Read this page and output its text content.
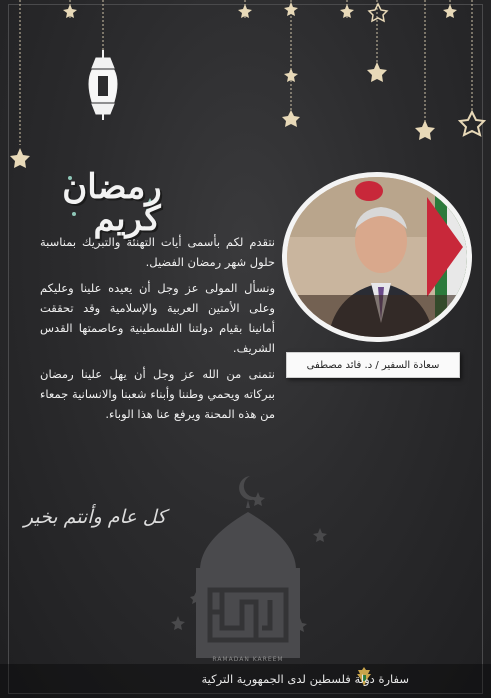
رمضان
كريم
سعادة السفير / د. فائد مصطفى

نتقدم لكم بأسمى أيات التهنئة والتبريك بمناسبة حلول شهر رمضان الفضيل.

ونسأل المولى عز وجل أن يعيده علينا وعليكم وعلى الأمتين العربية والإسلامية وقد تحققت أمانينا بقيام دولتنا الفلسطينية وعاصمتها القدس الشريف.

نتمنى من الله عز وجل أن يهل علينا رمضان ببركاته ويحمي وطننا وأبناء شعبنا والانسانية جمعاء من هذه المحنة ويرفع عنا هذا الوباء.

كل عام وأنتم بخير
RAMADAN KAREEM
سفارة دولة فلسطين لدى الجمهورية التركية
